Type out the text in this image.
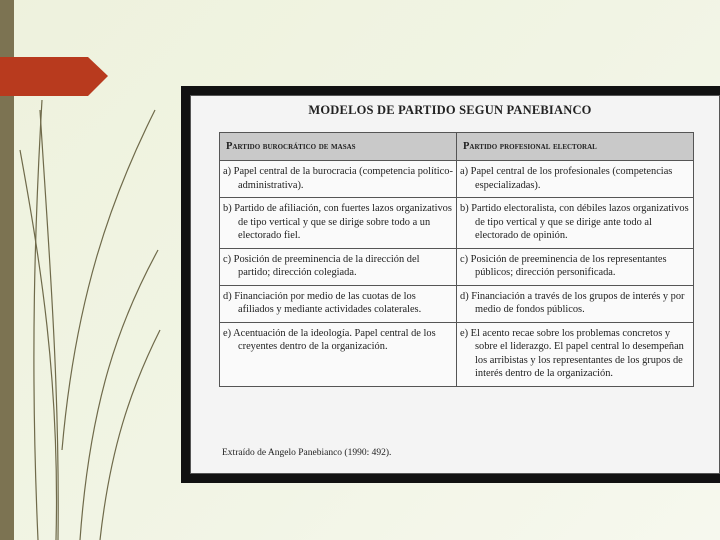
MODELOS DE PARTIDO SEGUN PANEBIANCO
Partido burocrático de masas	Partido profesional electoral

a) Papel central de la burocracia (competencia político-administrativa).	a) Papel central de los profesionales (competencias especializadas).

b) Partido de afiliación, con fuertes lazos organizativos de tipo vertical y que se dirige sobre todo a un electorado fiel.	b) Partido electoralista, con débiles lazos organizativos de tipo vertical y que se dirige ante todo al electorado de opinión.

c) Posición de preeminencia de la dirección del partido; dirección colegiada.	c) Posición de preeminencia de los representantes públicos; dirección personificada.

d) Financiación por medio de las cuotas de los afiliados y mediante actividades colaterales.	d) Financiación a través de los grupos de interés y por medio de fondos públicos.

e) Acentuación de la ideología. Papel central de los creyentes dentro de la organización.	e) El acento recae sobre los problemas concretos y sobre el liderazgo. El papel central lo desempeñan los arribistas y los representantes de los grupos de interés dentro de la organización.
Extraído de Angelo Panebianco (1990: 492).
